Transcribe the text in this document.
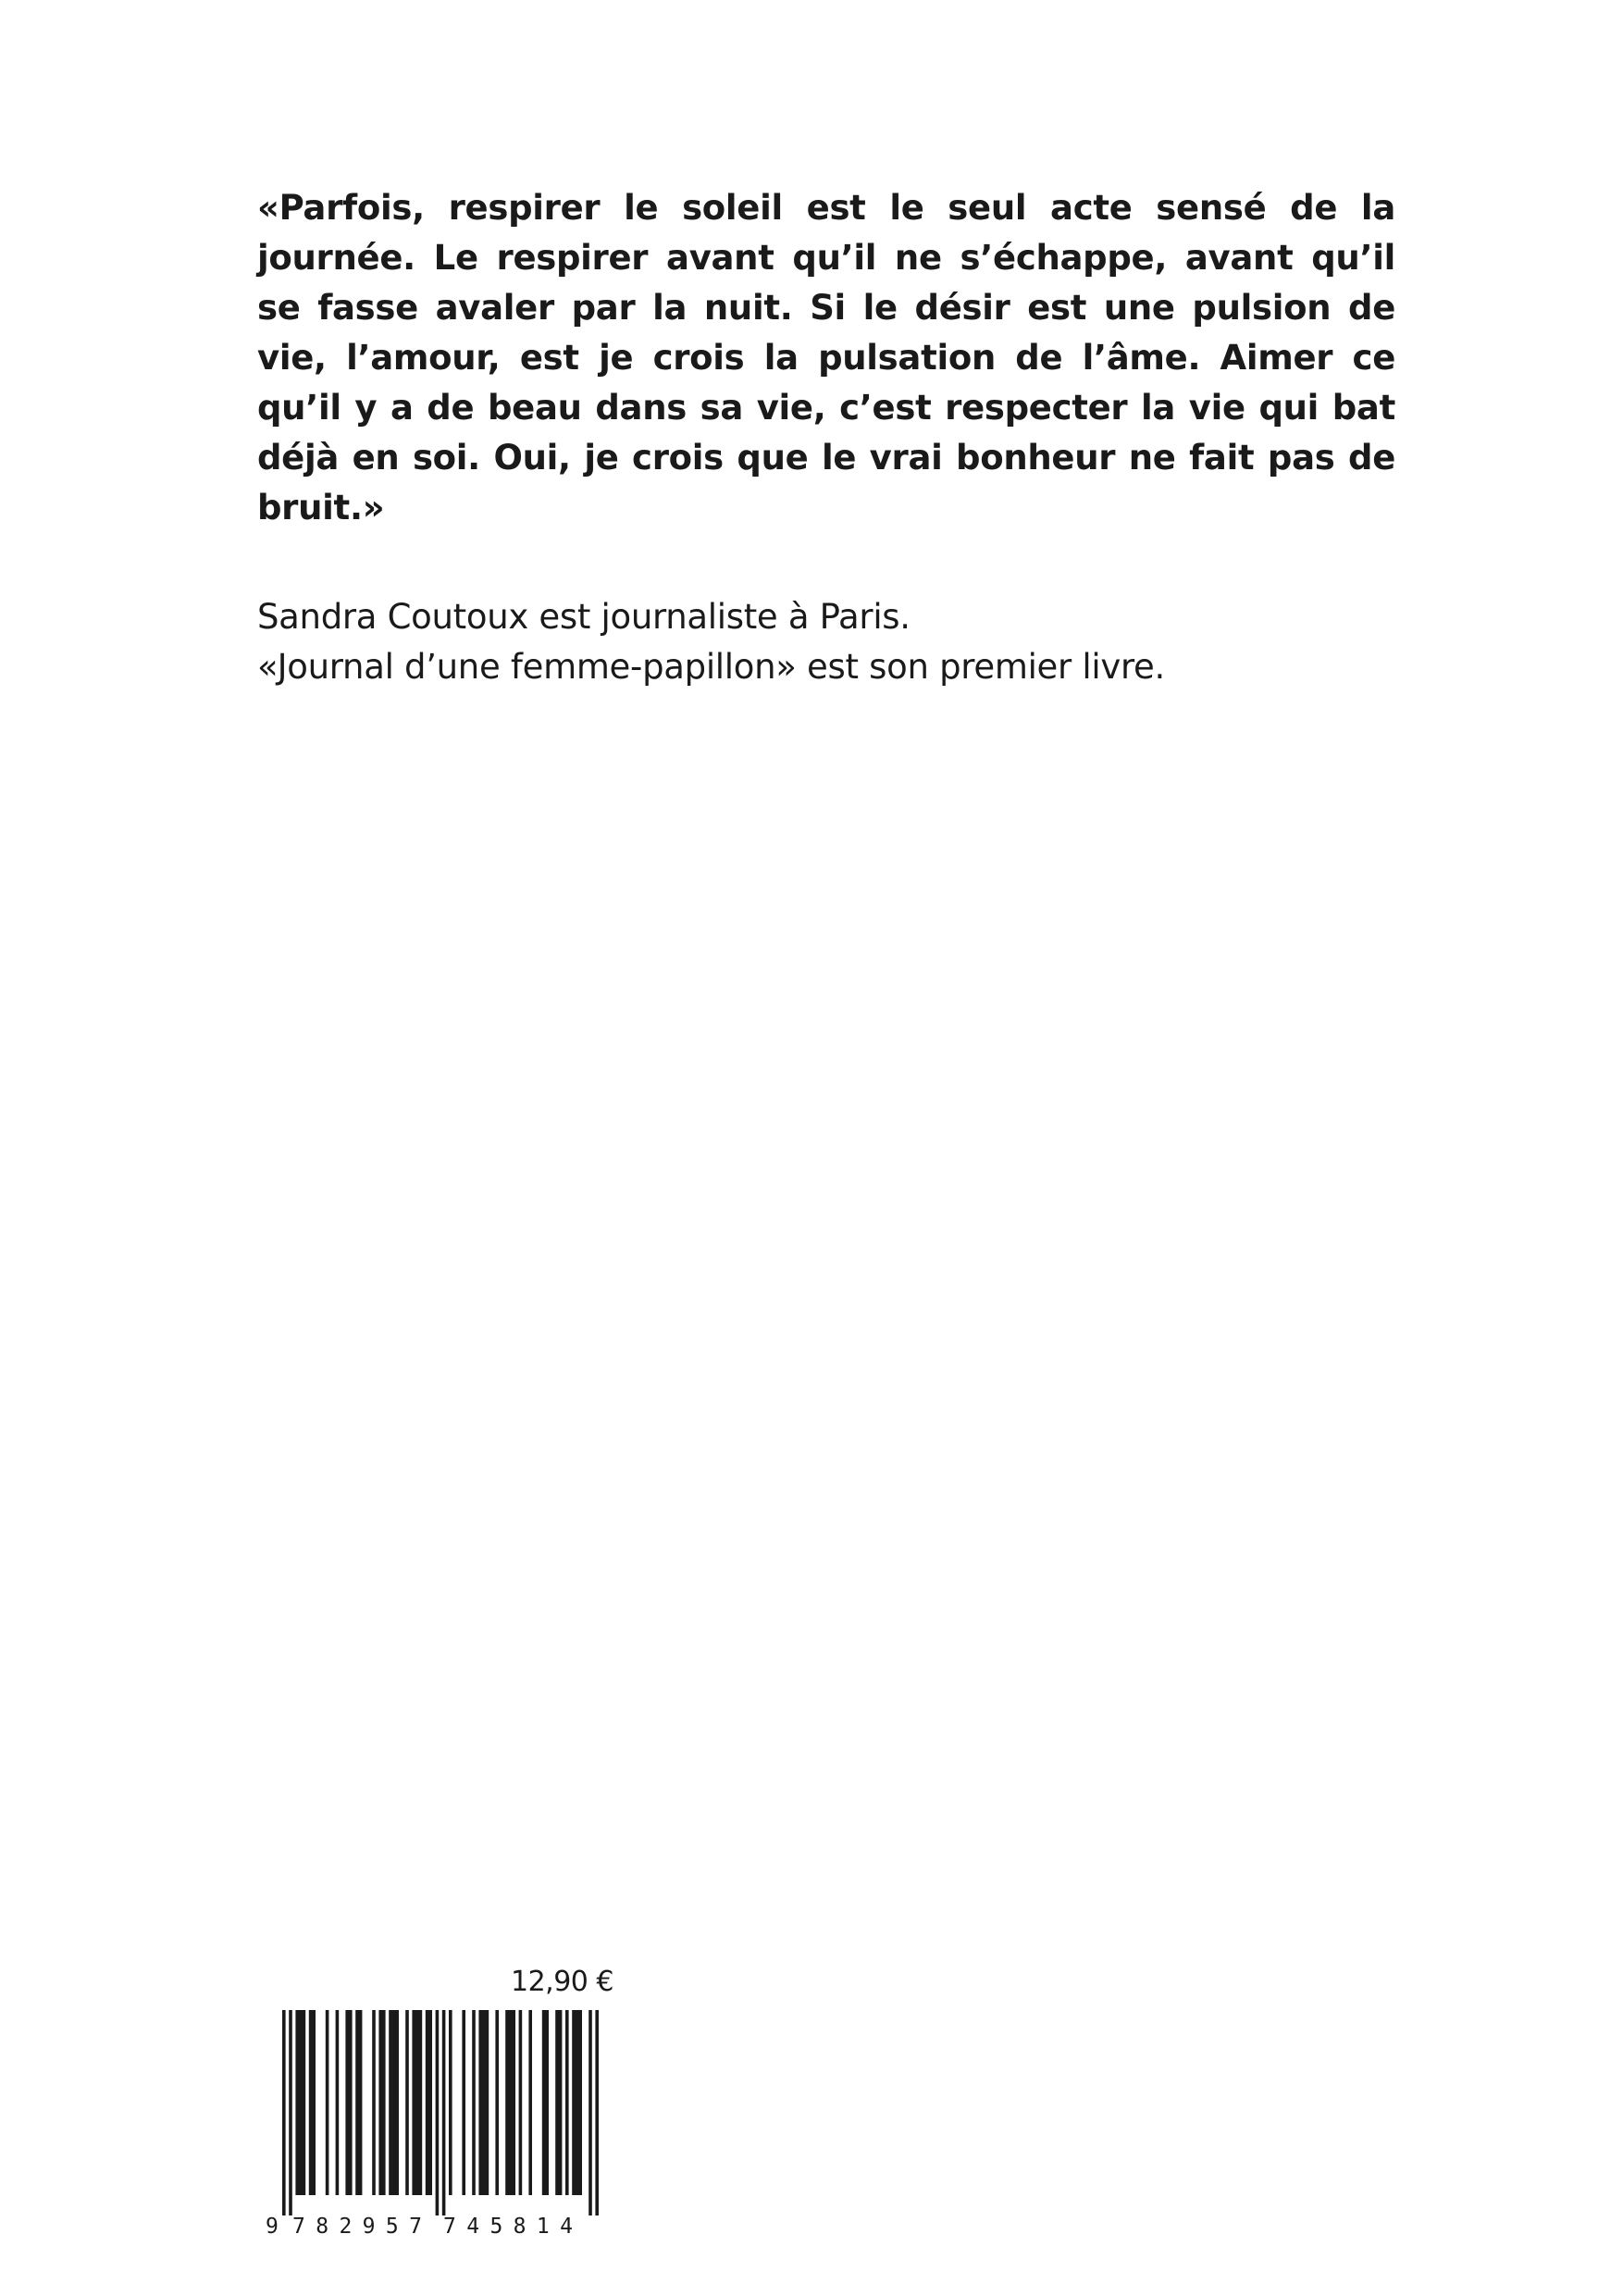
«Parfois, respirer le soleil est le seul acte sensé de la journée. Le respirer avant qu’il ne s’échappe, avant qu’il se fasse avaler par la nuit. Si le désir est une pulsion de vie, l’amour, est je crois la pulsation de l’âme. Aimer ce qu’il y a de beau dans sa vie, c’est respecter la vie qui bat déjà en soi. Oui, je crois que le vrai bonheur ne fait pas de bruit.»

Sandra Coutoux est journaliste à Paris.
«Journal d’une femme-papillon» est son premier livre.
12,90 €
9 782957 745814
